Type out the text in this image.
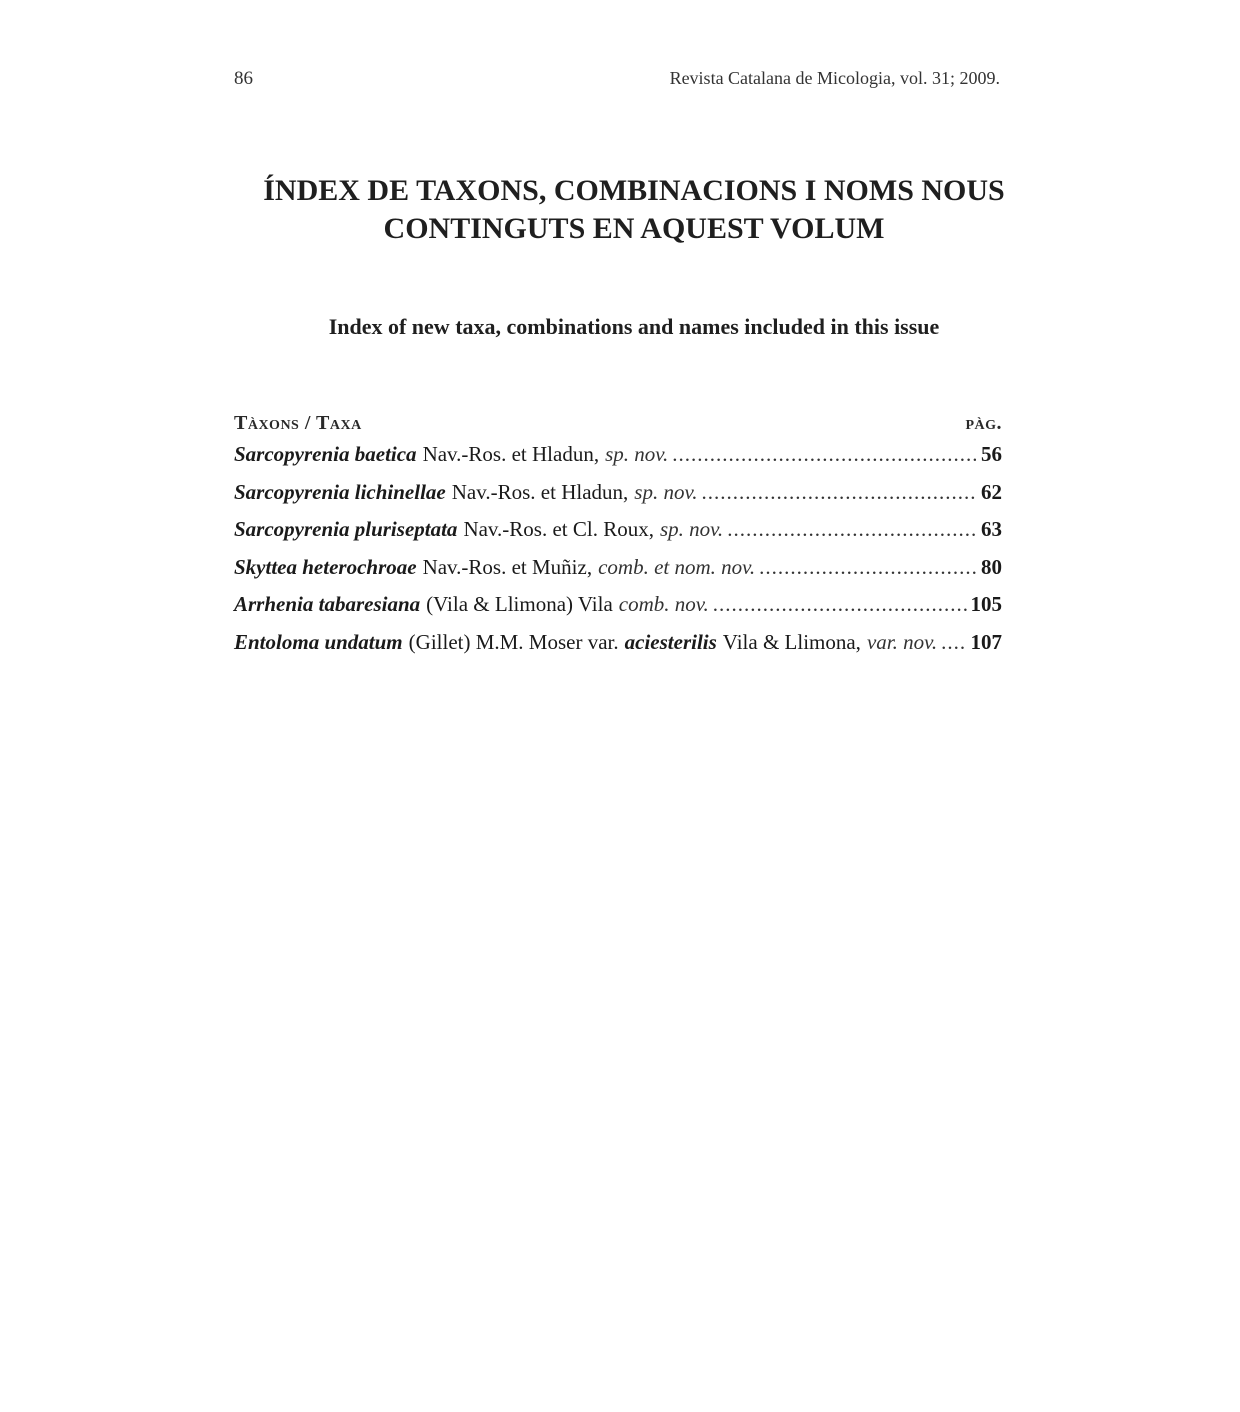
86	Revista Catalana de Micologia, vol. 31; 2009.
ÍNDEX DE TAXONS, COMBINACIONS I NOMS NOUS
CONTINGUTS EN AQUEST VOLUM
Index of new taxa, combinations and names included in this issue
Tàxons / Taxa	pàg.
Sarcopyrenia baetica Nav.-Ros. et Hladun, sp. nov. .....	56
Sarcopyrenia lichinellae Nav.-Ros. et Hladun, sp. nov. .....	62
Sarcopyrenia pluriseptata Nav.-Ros. et Cl. Roux, sp. nov. .....	63
Skyttea heterochroae Nav.-Ros. et Muñiz, comb. et nom. nov. .....	80
Arrhenia tabaresiana (Vila & Llimona) Vila comb. nov. .....	105
Entoloma undatum (Gillet) M.M. Moser var. aciesterilis Vila & Llimona, var. nov. ..... 107
